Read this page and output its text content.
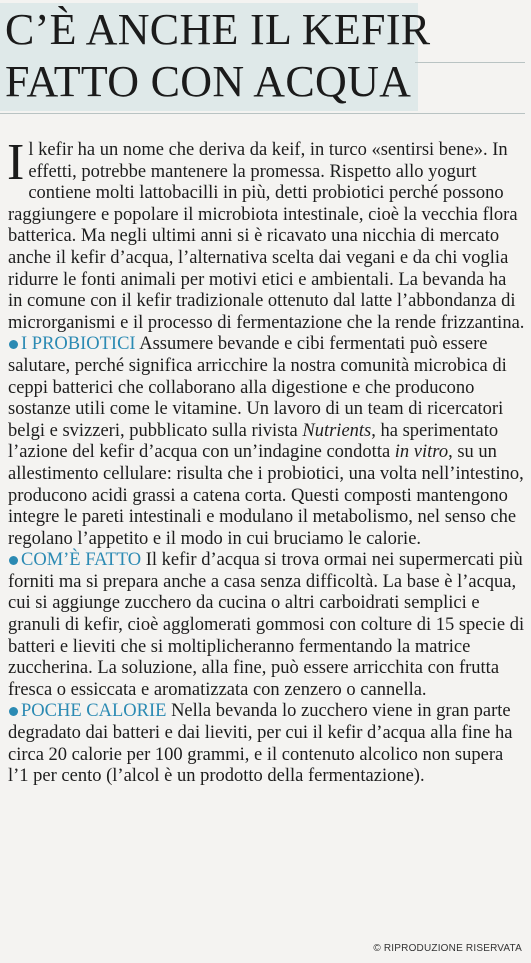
C’È ANCHE IL KEFIR
FATTO CON ACQUA

Il kefir ha un nome che deriva da keif, in turco «sentirsi bene». In effetti, potrebbe mantenere la promessa. Rispetto allo yogurt contiene molti lattobacilli in più, detti probiotici perché possono raggiungere e popolare il microbiota intestinale, cioè la vecchia flora batterica. Ma negli ultimi anni si è ricavato una nicchia di mercato anche il kefir d’acqua, l’alternativa scelta dai vegani e da chi voglia ridurre le fonti animali per motivi etici e ambientali. La bevanda ha in comune con il kefir tradizionale ottenuto dal latte l’abbondanza di microrganismi e il processo di fermentazione che la rende frizzantina.

I PROBIOTICI Assumere bevande e cibi fermentati può essere salutare, perché significa arricchire la nostra comunità microbica di ceppi batterici che collaborano alla digestione e che producono sostanze utili come le vitamine. Un lavoro di un team di ricercatori belgi e svizzeri, pubblicato sulla rivista Nutrients, ha sperimentato l’azione del kefir d’acqua con un’indagine condotta in vitro, su un allestimento cellulare: risulta che i probiotici, una volta nell’intestino, producono acidi grassi a catena corta. Questi composti mantengono integre le pareti intestinali e modulano il metabolismo, nel senso che regolano l’appetito e il modo in cui bruciamo le calorie.

COM’È FATTO Il kefir d’acqua si trova ormai nei supermercati più forniti ma si prepara anche a casa senza difficoltà. La base è l’acqua, cui si aggiunge zucchero da cucina o altri carboidrati semplici e granuli di kefir, cioè agglomerati gommosi con colture di 15 specie di batteri e lieviti che si moltiplicheranno fermentando la matrice zuccherina. La soluzione, alla fine, può essere arricchita con frutta fresca o essiccata e aromatizzata con zenzero o cannella.

POCHE CALORIE Nella bevanda lo zucchero viene in gran parte degradato dai batteri e dai lieviti, per cui il kefir d’acqua alla fine ha circa 20 calorie per 100 grammi, e il contenuto alcolico non supera l’1 per cento (l’alcol è un prodotto della fermentazione).

© RIPRODUZIONE RISERVATA
